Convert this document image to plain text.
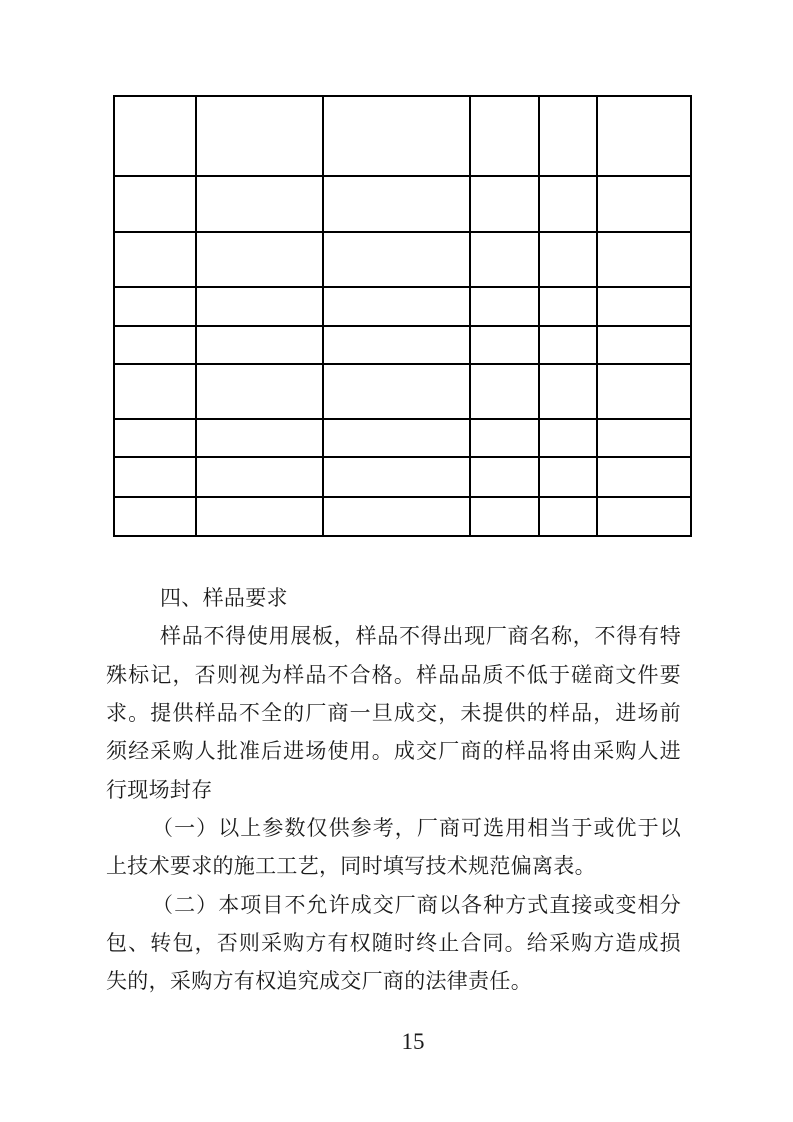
四、样品要求
样品不得使用展板，样品不得出现厂商名称，不得有特
殊标记，否则视为样品不合格。样品品质不低于磋商文件要
求。提供样品不全的厂商一旦成交，未提供的样品，进场前
须经采购人批准后进场使用。成交厂商的样品将由采购人进
行现场封存
（一）以上参数仅供参考，厂商可选用相当于或优于以
上技术要求的施工工艺，同时填写技术规范偏离表。
（二）本项目不允许成交厂商以各种方式直接或变相分
包、转包，否则采购方有权随时终止合同。给采购方造成损
失的，采购方有权追究成交厂商的法律责任。
15
